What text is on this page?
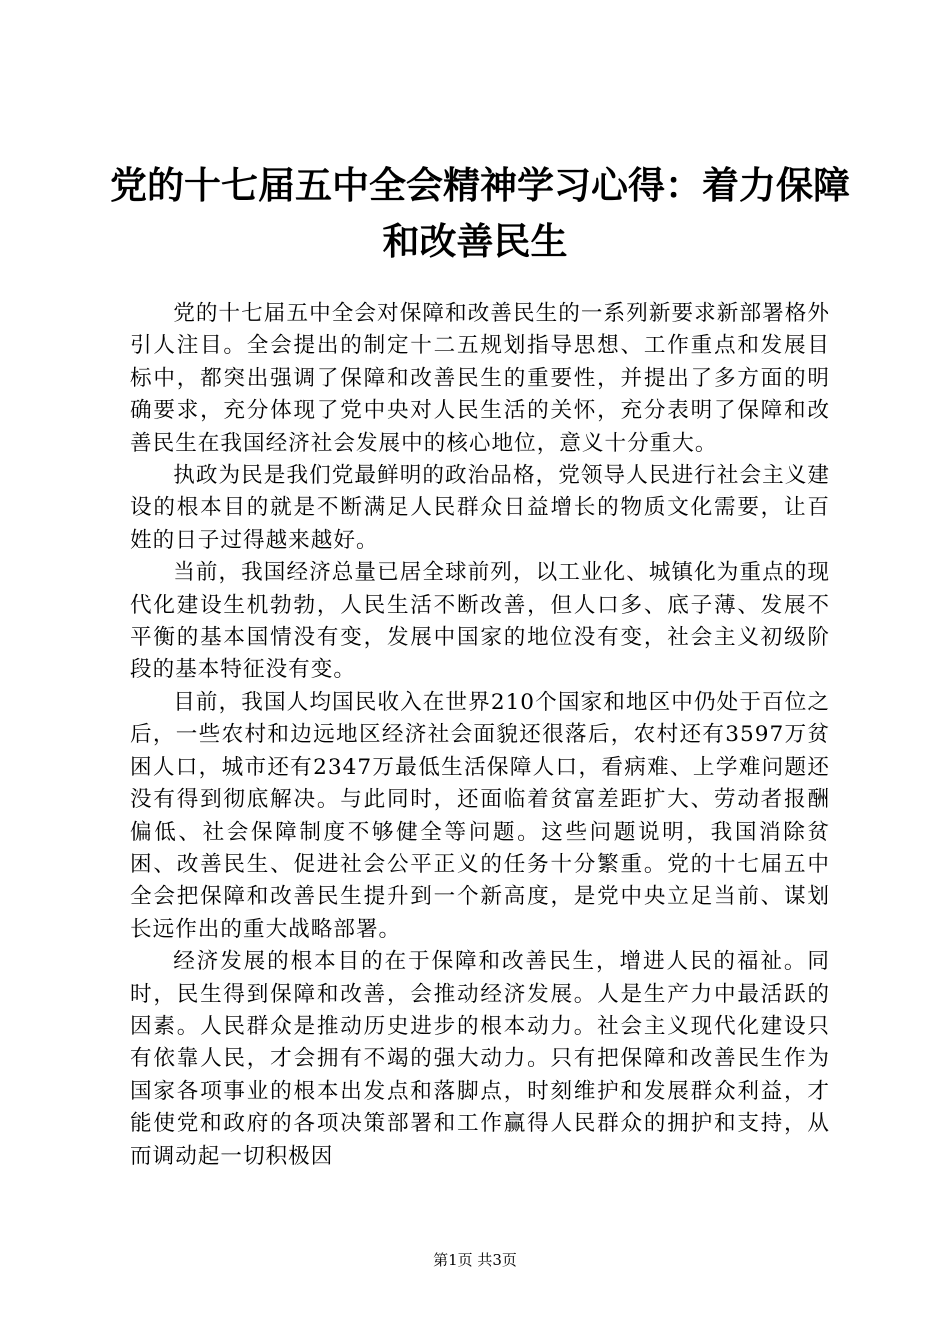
党的十七届五中全会精神学习心得：着力保障
和改善民生

党的十七届五中全会对保障和改善民生的一系列新要求新部署格外引人注目。全会提出的制定十二五规划指导思想、工作重点和发展目标中，都突出强调了保障和改善民生的重要性，并提出了多方面的明确要求，充分体现了党中央对人民生活的关怀，充分表明了保障和改善民生在我国经济社会发展中的核心地位，意义十分重大。

执政为民是我们党最鲜明的政治品格，党领导人民进行社会主义建设的根本目的就是不断满足人民群众日益增长的物质文化需要，让百姓的日子过得越来越好。

当前，我国经济总量已居全球前列，以工业化、城镇化为重点的现代化建设生机勃勃，人民生活不断改善，但人口多、底子薄、发展不平衡的基本国情没有变，发展中国家的地位没有变，社会主义初级阶段的基本特征没有变。

目前，我国人均国民收入在世界210个国家和地区中仍处于百位之后，一些农村和边远地区经济社会面貌还很落后，农村还有3597万贫困人口，城市还有2347万最低生活保障人口，看病难、上学难问题还没有得到彻底解决。与此同时，还面临着贫富差距扩大、劳动者报酬偏低、社会保障制度不够健全等问题。这些问题说明，我国消除贫困、改善民生、促进社会公平正义的任务十分繁重。党的十七届五中全会把保障和改善民生提升到一个新高度，是党中央立足当前、谋划长远作出的重大战略部署。

经济发展的根本目的在于保障和改善民生，增进人民的福祉。同时，民生得到保障和改善，会推动经济发展。人是生产力中最活跃的因素。人民群众是推动历史进步的根本动力。社会主义现代化建设只有依靠人民，才会拥有不竭的强大动力。只有把保障和改善民生作为国家各项事业的根本出发点和落脚点，时刻维护和发展群众利益，才能使党和政府的各项决策部署和工作赢得人民群众的拥护和支持，从而调动起一切积极因

第1页 共3页
